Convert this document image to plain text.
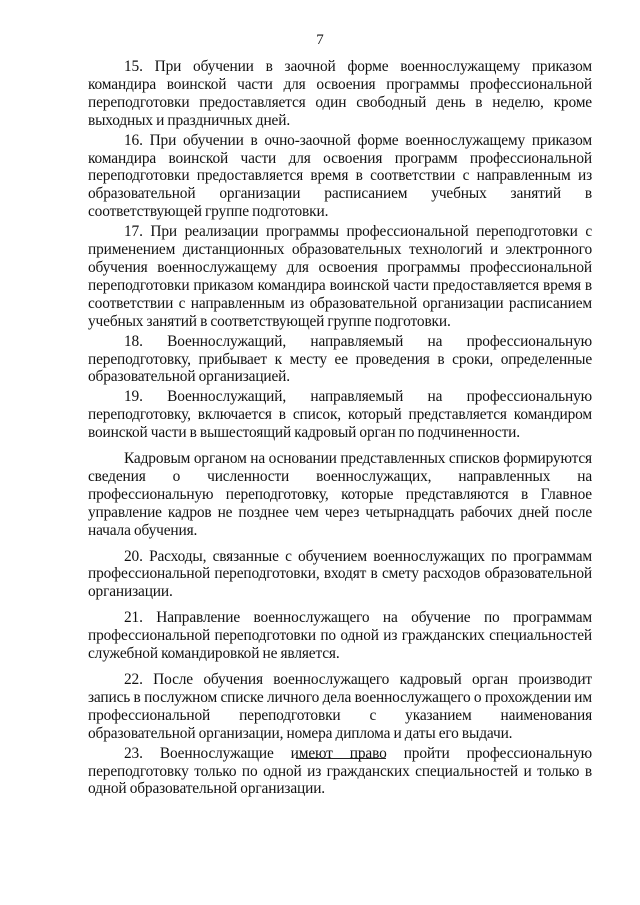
7

15. При обучении в заочной форме военнослужащему приказом командира воинской части для освоения программы профессиональной переподготовки предоставляется один свободный день в неделю, кроме выходных и праздничных дней.

16. При обучении в очно-заочной форме военнослужащему приказом командира воинской части для освоения программ профессиональной переподготовки предоставляется время в соответствии с направленным из образовательной организации расписанием учебных занятий в соответствующей группе подготовки.

17. При реализации программы профессиональной переподготовки с применением дистанционных образовательных технологий и электронного обучения военнослужащему для освоения программы профессиональной переподготовки приказом командира воинской части предоставляется время в соответствии с направленным из образовательной организации расписанием учебных занятий в соответствующей группе подготовки.

18. Военнослужащий, направляемый на профессиональную переподготовку, прибывает к месту ее проведения в сроки, определенные образовательной организацией.

19. Военнослужащий, направляемый на профессиональную переподготовку, включается в список, который представляется командиром воинской части в вышестоящий кадровый орган по подчиненности.

Кадровым органом на основании представленных списков формируются сведения о численности военнослужащих, направленных на профессиональную переподготовку, которые представляются в Главное управление кадров не позднее чем через четырнадцать рабочих дней после начала обучения.

20. Расходы, связанные с обучением военнослужащих по программам профессиональной переподготовки, входят в смету расходов образовательной организации.

21. Направление военнослужащего на обучение по программам профессиональной переподготовки по одной из гражданских специальностей служебной командировкой не является.

22. После обучения военнослужащего кадровый орган производит запись в послужном списке личного дела военнослужащего о прохождении им профессиональной переподготовки с указанием наименования образовательной организации, номера диплома и даты его выдачи.

23. Военнослужащие имеют право пройти профессиональную переподготовку только по одной из гражданских специальностей и только в одной образовательной организации.
